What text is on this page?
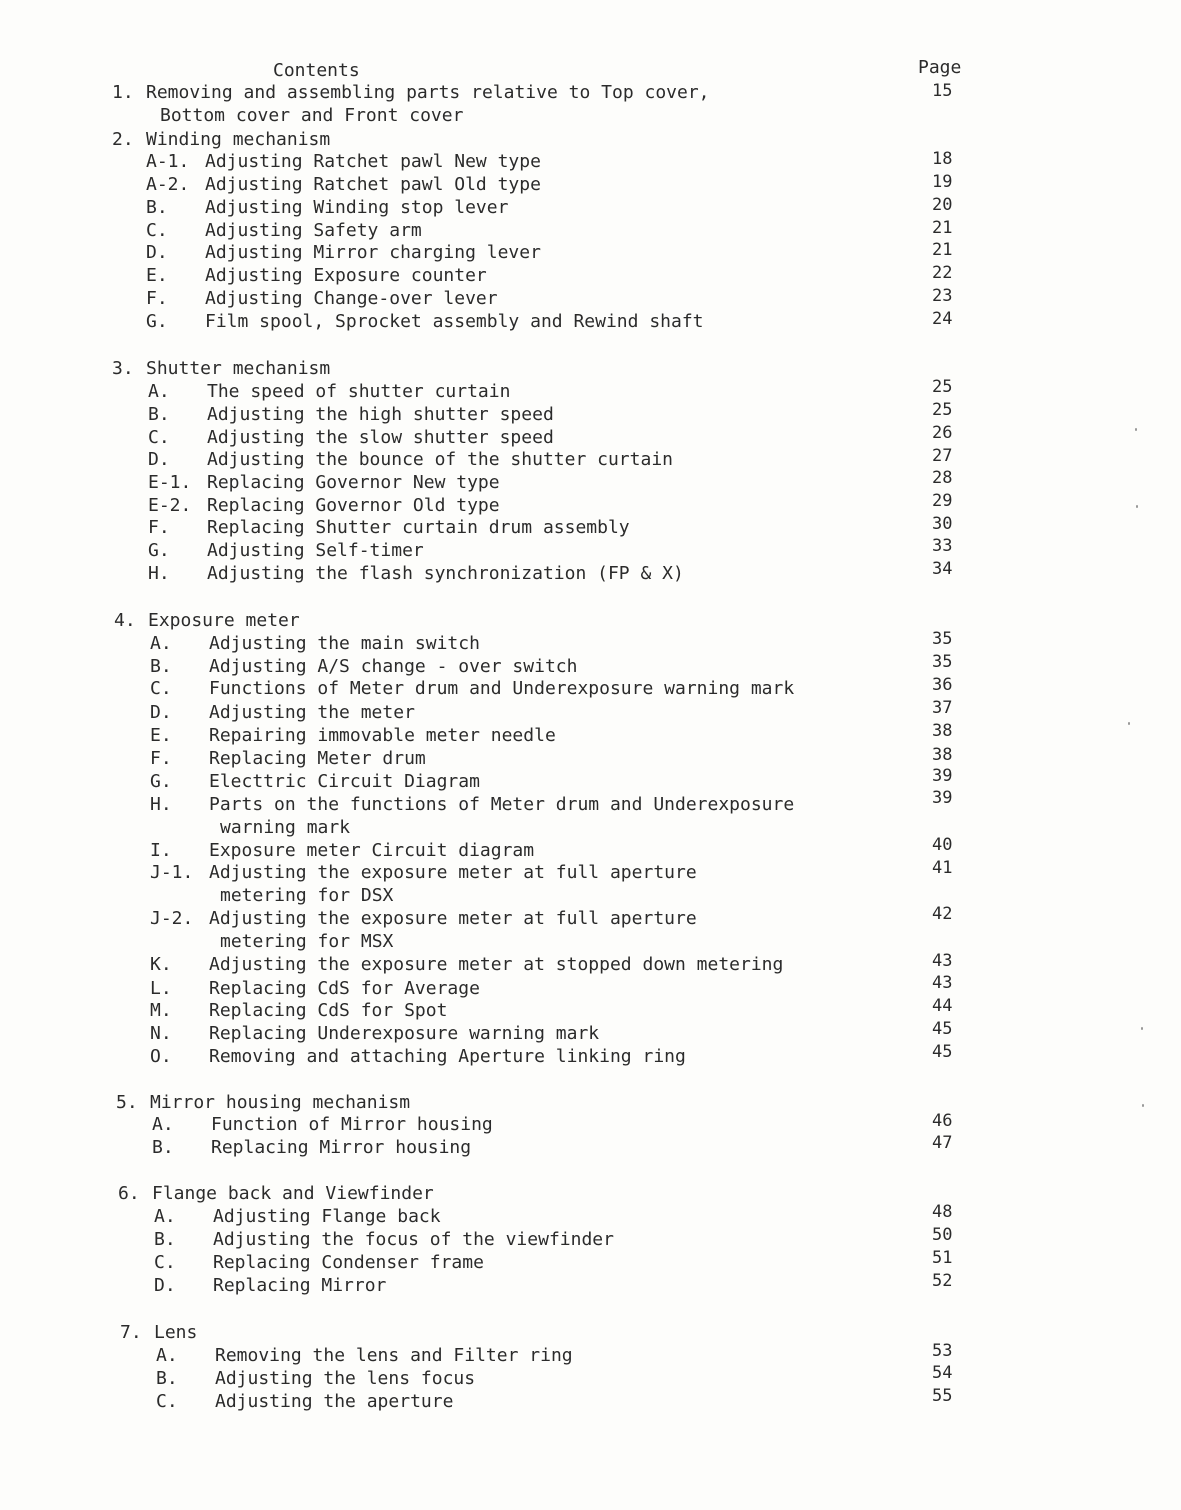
Contents	Page
1. Removing and assembling parts relative to Top cover,	15
Bottom cover and Front cover
2. Winding mechanism
A-1. Adjusting Ratchet pawl New type	18
A-2. Adjusting Ratchet pawl Old type	19
B. Adjusting Winding stop lever	20
C. Adjusting Safety arm	21
D. Adjusting Mirror charging lever	21
E. Adjusting Exposure counter	22
F. Adjusting Change-over lever	23
G. Film spool, Sprocket assembly and Rewind shaft	24
3. Shutter mechanism
A. The speed of shutter curtain	25
B. Adjusting the high shutter speed	25
C. Adjusting the slow shutter speed	26
D. Adjusting the bounce of the shutter curtain	27
E-1. Replacing Governor New type	28
E-2. Replacing Governor Old type	29
F. Replacing Shutter curtain drum assembly	30
G. Adjusting Self-timer	33
H. Adjusting the flash synchronization (FP & X)	34
4. Exposure meter
A. Adjusting the main switch	35
B. Adjusting A/S change - over switch	35
C. Functions of Meter drum and Underexposure warning mark	36
D. Adjusting the meter	37
E. Repairing immovable meter needle	38
F. Replacing Meter drum	38
G. Electtric Circuit Diagram	39
H. Parts on the functions of Meter drum and Underexposure	39
warning mark
I. Exposure meter Circuit diagram	40
J-1. Adjusting the exposure meter at full aperture	41
metering for DSX
J-2. Adjusting the exposure meter at full aperture	42
metering for MSX
K. Adjusting the exposure meter at stopped down metering	43
L. Replacing CdS for Average	43
M. Replacing CdS for Spot	44
N. Replacing Underexposure warning mark	45
O. Removing and attaching Aperture linking ring	45
5. Mirror housing mechanism
A. Function of Mirror housing	46
B. Replacing Mirror housing	47
6. Flange back and Viewfinder
A. Adjusting Flange back	48
B. Adjusting the focus of the viewfinder	50
C. Replacing Condenser frame	51
D. Replacing Mirror	52
7. Lens
A. Removing the lens and Filter ring	53
B. Adjusting the lens focus	54
C. Adjusting the aperture	55
